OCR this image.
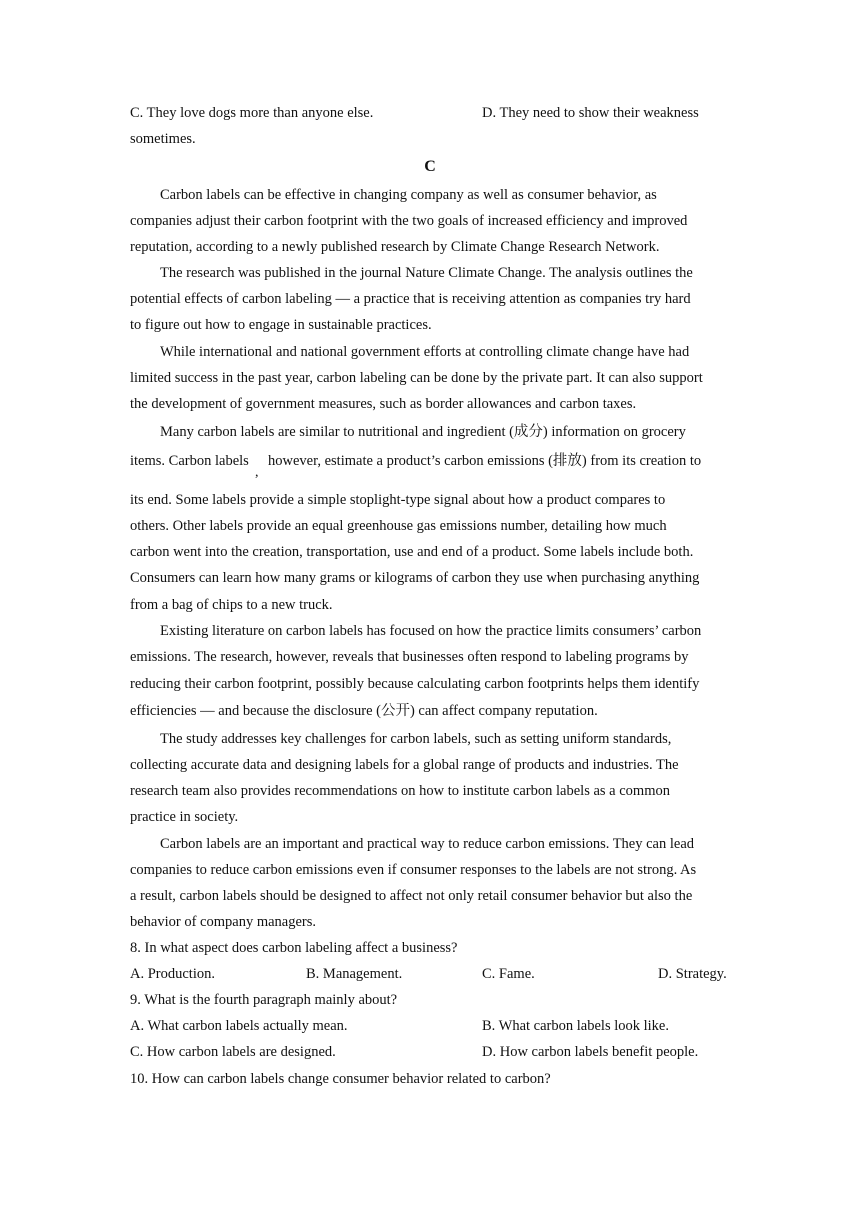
C. They love dogs more than anyone else.	D. They need to show their weakness
sometimes.
C
Carbon labels can be effective in changing company as well as consumer behavior, as
companies adjust their carbon footprint with the two goals of increased efficiency and improved
reputation, according to a newly published research by Climate Change Research Network.
The research was published in the journal Nature Climate Change. The analysis outlines the
potential effects of carbon labeling — a practice that is receiving attention as companies try hard
to figure out how to engage in sustainable practices.
While international and national government efforts at controlling climate change have had
limited success in the past year, carbon labeling can be done by the private part. It can also support
the development of government measures, such as border allowances and carbon taxes.
Many carbon labels are similar to nutritional and ingredient (成分) information on grocery
items. Carbon labels
,
however, estimate a product’s carbon emissions (排放) from its creation to
its end. Some labels provide a simple stoplight-type signal about how a product compares to
others. Other labels provide an equal greenhouse gas emissions number, detailing how much
carbon went into the creation, transportation, use and end of a product. Some labels include both.
Consumers can learn how many grams or kilograms of carbon they use when purchasing anything
from a bag of chips to a new truck.
Existing literature on carbon labels has focused on how the practice limits consumers’ carbon
emissions. The research, however, reveals that businesses often respond to labeling programs by
reducing their carbon footprint, possibly because calculating carbon footprints helps them identify
efficiencies — and because the disclosure (公开) can affect company reputation.
The study addresses key challenges for carbon labels, such as setting uniform standards,
collecting accurate data and designing labels for a global range of products and industries. The
research team also provides recommendations on how to institute carbon labels as a common
practice in society.
Carbon labels are an important and practical way to reduce carbon emissions. They can lead
companies to reduce carbon emissions even if consumer responses to the labels are not strong. As
a result, carbon labels should be designed to affect not only retail consumer behavior but also the
behavior of company managers.
8. In what aspect does carbon labeling affect a business?
A. Production.	B. Management.	C. Fame.	D. Strategy.
9. What is the fourth paragraph mainly about?
A. What carbon labels actually mean.	B. What carbon labels look like.
C. How carbon labels are designed.	D. How carbon labels benefit people.
10. How can carbon labels change consumer behavior related to carbon?
